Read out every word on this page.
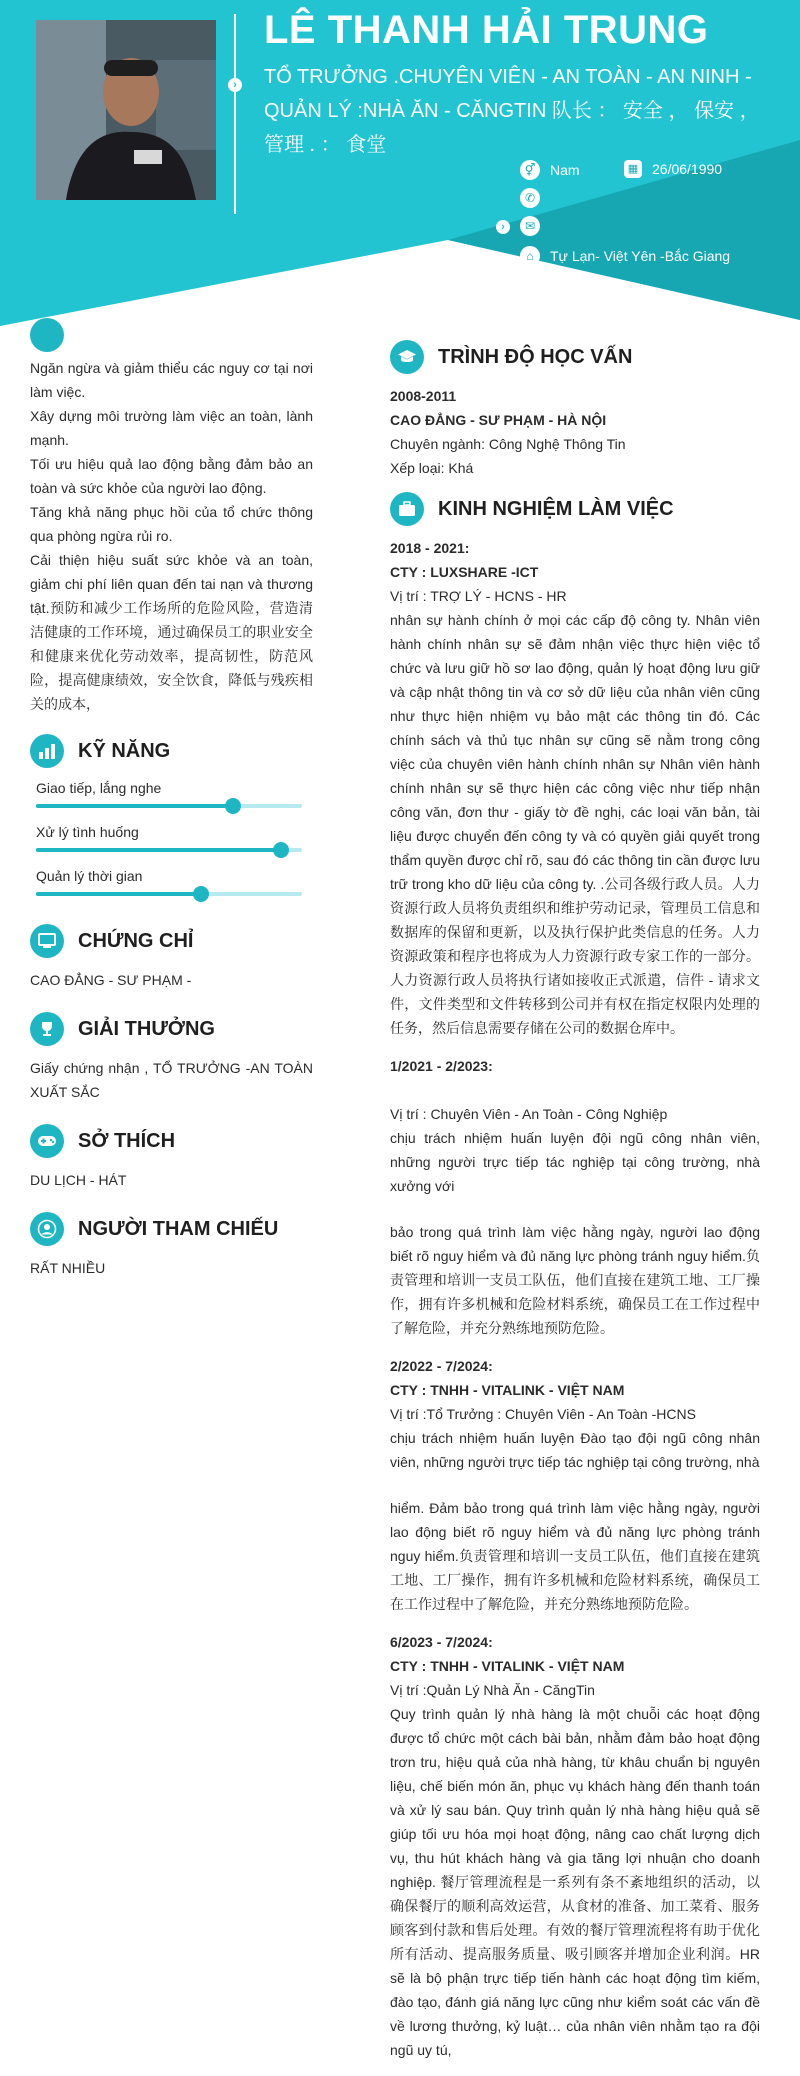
›
›
LÊ THANH HẢI TRUNG
TỔ TRƯỞNG .CHUYÊN VIÊN - AN TOÀN - AN NINH - QUẢN LÝ :NHÀ ĂN - CĂNGTIN 队长 ： 安全 ， 保安 ， 管理 . ： 食堂
⚥	Nam	▦ 26/06/1990
✆
✉
⌂	Tự Lạn- Việt Yên -Bắc Giang
Ngăn ngừa và giảm thiểu các nguy cơ tại nơi làm việc.
Xây dựng môi trường làm việc an toàn, lành mạnh.
Tối ưu hiệu quả lao động bằng đảm bảo an toàn và sức khỏe của người lao động.
Tăng khả năng phục hồi của tổ chức thông qua phòng ngừa rủi ro.
Cải thiện hiệu suất sức khỏe và an toàn, giảm chi phí liên quan đến tai nạn và thương tật.预防和减少工作场所的危险风险，营造清洁健康的工作环境，通过确保员工的职业安全和健康来优化劳动效率，提高韧性，防范风险，提高健康绩效，安全饮食，降低与残疾相关的成本，
KỸ NĂNG
Giao tiếp, lắng nghe
Xử lý tình huống
Quản lý thời gian
CHỨNG CHỈ
CAO ĐẲNG - SƯ PHẠM -
GIẢI THƯỞNG
Giấy chứng nhận , TỔ TRƯỞNG -AN TOÀN XUẤT SẮC
SỞ THÍCH
DU LỊCH - HÁT
NGƯỜI THAM CHIẾU
RẤT NHIỀU
TRÌNH ĐỘ HỌC VẤN
2008-2011
CAO ĐẲNG - SƯ PHẠM - HÀ NỘI
Chuyên ngành: Công Nghệ Thông Tin
Xếp loại: Khá
KINH NGHIỆM LÀM VIỆC
2018 - 2021:
CTY : LUXSHARE -ICT
Vị trí : TRỢ LÝ - HCNS - HR
nhân sự hành chính ở mọi các cấp độ công ty. Nhân viên hành chính nhân sự sẽ đảm nhận việc thực hiện việc tổ chức và lưu giữ hồ sơ lao động, quản lý hoạt động lưu giữ và cập nhật thông tin và cơ sở dữ liệu của nhân viên cũng như thực hiện nhiệm vụ bảo mật các thông tin đó. Các chính sách và thủ tục nhân sự cũng sẽ nằm trong công việc của chuyên viên hành chính nhân sự Nhân viên hành chính nhân sự sẽ thực hiện các công việc như tiếp nhận công văn, đơn thư - giấy tờ đề nghị, các loại văn bản, tài liệu được chuyển đến công ty và có quyền giải quyết trong thẩm quyền được chỉ rõ, sau đó các thông tin cần được lưu trữ trong kho dữ liệu của công ty. .公司各级行政人员。人力资源行政人员将负责组织和维护劳动记录，管理员工信息和数据库的保留和更新，以及执行保护此类信息的任务。人力资源政策和程序也将成为人力资源行政专家工作的一部分。人力资源行政人员将执行诸如接收正式派遣，信件 - 请求文件，文件类型和文件转移到公司并有权在指定权限内处理的任务，然后信息需要存储在公司的数据仓库中。
1/2021 - 2/2023:
Vị trí : Chuyên Viên - An Toàn - Công Nghiệp
chịu trách nhiệm huấn luyện đội ngũ công nhân viên, những người trực tiếp tác nghiệp tại công trường, nhà xưởng với
bảo trong quá trình làm việc hằng ngày, người lao động biết rõ nguy hiểm và đủ năng lực phòng tránh nguy hiểm.负责管理和培训一支员工队伍，他们直接在建筑工地、工厂操作，拥有许多机械和危险材料系统，确保员工在工作过程中了解危险，并充分熟练地预防危险。
2/2022 - 7/2024:
CTY : TNHH - VITALINK - VIỆT NAM
Vị trí :Tổ Trưởng : Chuyên Viên - An Toàn -HCNS
chịu trách nhiệm huấn luyện Đào tạo đội ngũ công nhân viên, những người trực tiếp tác nghiệp tại công trường, nhà
hiểm. Đảm bảo trong quá trình làm việc hằng ngày, người lao động biết rõ nguy hiểm và đủ năng lực phòng tránh nguy hiểm.负责管理和培训一支员工队伍，他们直接在建筑工地、工厂操作，拥有许多机械和危险材料系统，确保员工在工作过程中了解危险，并充分熟练地预防危险。
6/2023 - 7/2024:
CTY : TNHH - VITALINK - VIỆT NAM
Vị trí :Quản Lý Nhà Ăn - CăngTin
Quy trình quản lý nhà hàng là một chuỗi các hoạt động được tổ chức một cách bài bản, nhằm đảm bảo hoạt động trơn tru, hiệu quả của nhà hàng, từ khâu chuẩn bị nguyên liệu, chế biến món ăn, phục vụ khách hàng đến thanh toán và xử lý sau bán. Quy trình quản lý nhà hàng hiệu quả sẽ giúp tối ưu hóa mọi hoạt động, nâng cao chất lượng dịch vụ, thu hút khách hàng và gia tăng lợi nhuận cho doanh nghiệp. 餐厅管理流程是一系列有条不紊地组织的活动，以确保餐厅的顺利高效运营，从食材的准备、加工菜肴、服务顾客到付款和售后处理。有效的餐厅管理流程将有助于优化所有活动、提高服务质量、吸引顾客并增加企业利润。HR sẽ là bộ phận trực tiếp tiến hành các hoạt động tìm kiếm, đào tạo, đánh giá năng lực cũng như kiểm soát các vấn đề về lương thưởng, kỷ luật… của nhân viên nhằm tạo ra đội ngũ uy tú,
